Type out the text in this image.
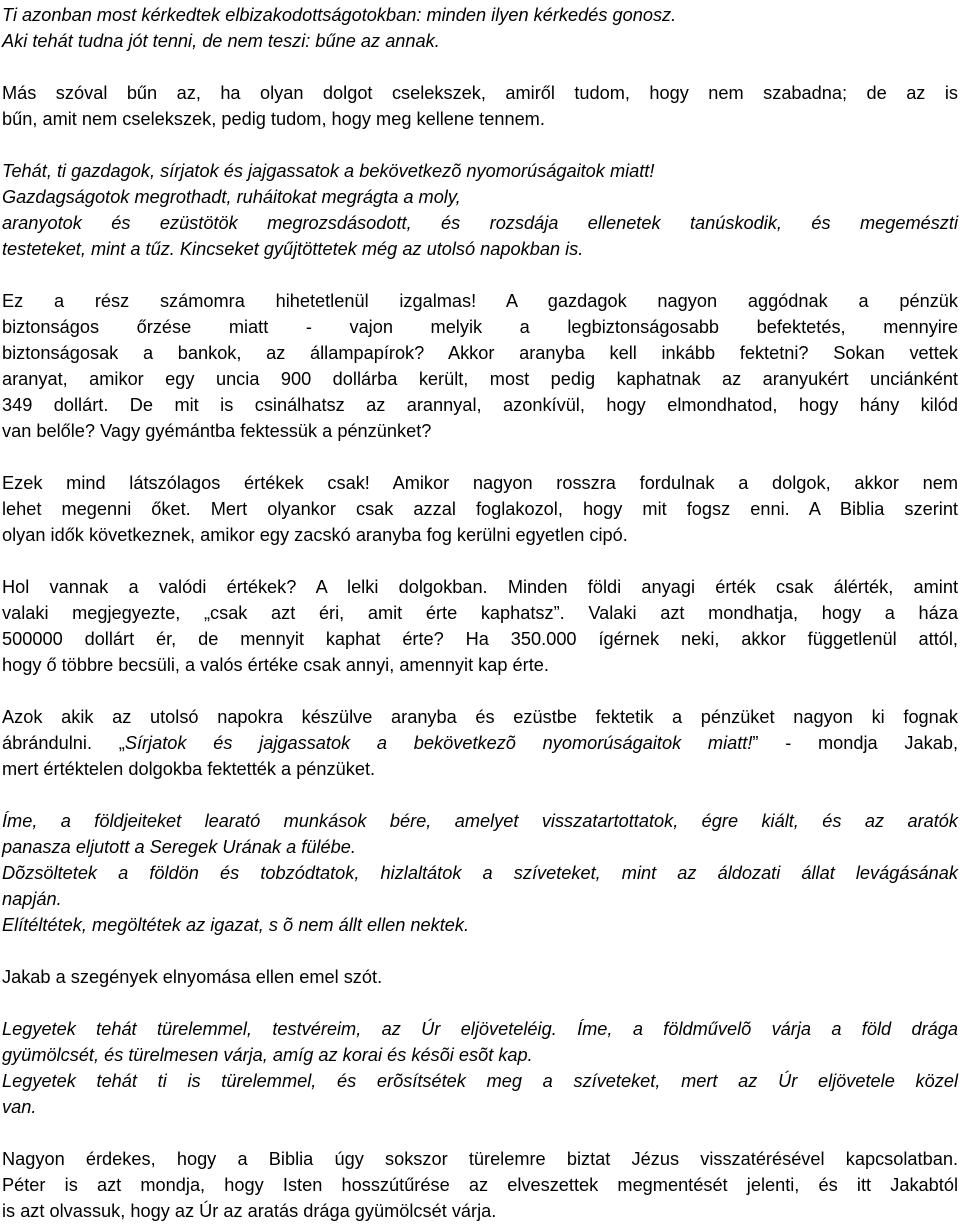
Ti azonban most kérkedtek elbizakodottságotokban: minden ilyen kérkedés gonosz.
Aki tehát tudna jót tenni, de nem teszi: bűne az annak.

Más szóval bűn az, ha olyan dolgot cselekszek, amiről tudom, hogy nem szabadna; de az is
bűn, amit nem cselekszek, pedig tudom, hogy meg kellene tennem.

Tehát, ti gazdagok, sírjatok és jajgassatok a bekövetkezõ nyomorúságaitok miatt!
Gazdagságotok megrothadt, ruháitokat megrágta a moly,
aranyotok és ezüstötök megrozsdásodott, és rozsdája ellenetek tanúskodik, és megemészti
testeteket, mint a tűz. Kincseket gyűjtöttetek még az utolsó napokban is.

Ez a rész számomra hihetetlenül izgalmas! A gazdagok nagyon aggódnak a pénzük
biztonságos őrzése miatt - vajon melyik a legbiztonságosabb befektetés, mennyire
biztonságosak a bankok, az állampapírok? Akkor aranyba kell inkább fektetni? Sokan vettek
aranyat, amikor egy uncia 900 dollárba került, most pedig kaphatnak az aranyukért unciánként
349 dollárt. De mit is csinálhatsz az arannyal, azonkívül, hogy elmondhatod, hogy hány kilód
van belőle? Vagy gyémántba fektessük a pénzünket?

Ezek mind látszólagos értékek csak! Amikor nagyon rosszra fordulnak a dolgok, akkor nem
lehet megenni őket. Mert olyankor csak azzal foglakozol, hogy mit fogsz enni. A Biblia szerint
olyan idők következnek, amikor egy zacskó aranyba fog kerülni egyetlen cipó.

Hol vannak a valódi értékek? A lelki dolgokban. Minden földi anyagi érték csak álérték, amint
valaki megjegyezte, „csak azt éri, amit érte kaphatsz”. Valaki azt mondhatja, hogy a háza
500000 dollárt ér, de mennyit kaphat érte? Ha 350.000 ígérnek neki, akkor függetlenül attól,
hogy ő többre becsüli, a valós értéke csak annyi, amennyit kap érte.

Azok akik az utolsó napokra készülve aranyba és ezüstbe fektetik a pénzüket nagyon ki fognak
ábrándulni. „Sírjatok és jajgassatok a bekövetkezõ nyomorúságaitok miatt!” - mondja Jakab,
mert értéktelen dolgokba fektették a pénzüket.

Íme, a földjeiteket learató munkások bére, amelyet visszatartottatok, égre kiált, és az aratók
panasza eljutott a Seregek Urának a fülébe.
Dõzsöltetek a földön és tobzódtatok, hizlaltátok a szíveteket, mint az áldozati állat levágásának
napján.
Elítéltétek, megöltétek az igazat, s õ nem állt ellen nektek.

Jakab a szegények elnyomása ellen emel szót.

Legyetek tehát türelemmel, testvéreim, az Úr eljöveteléig. Íme, a földművelõ várja a föld drága
gyümölcsét, és türelmesen várja, amíg az korai és késõi esõt kap.
Legyetek tehát ti is türelemmel, és erõsítsétek meg a szíveteket, mert az Úr eljövetele közel
van.

Nagyon érdekes, hogy a Biblia úgy sokszor türelemre biztat Jézus visszatérésével kapcsolatban.
Péter is azt mondja, hogy Isten hosszútűrése az elveszettek megmentését jelenti, és itt Jakabtól
is azt olvassuk, hogy az Úr az aratás drága gyümölcsét várja.
